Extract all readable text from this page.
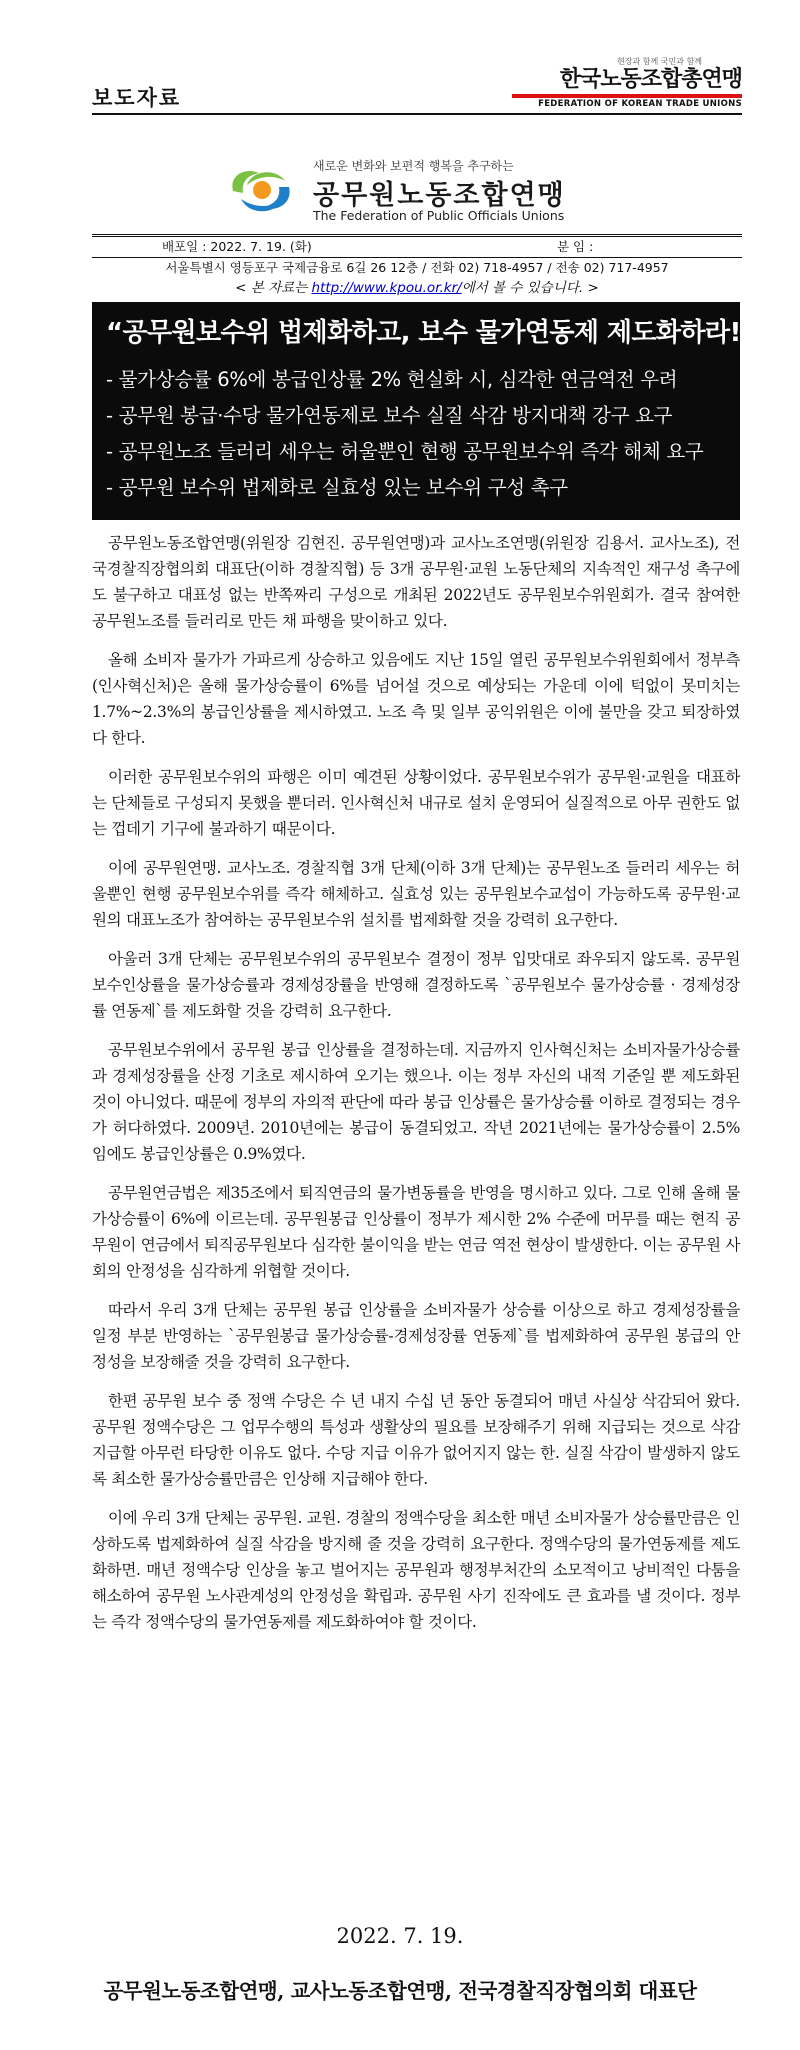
보도자료
현장과 함께 국민과 함께
한국노동조합총연맹
FEDERATION OF KOREAN TRADE UNIONS
새로운 변화와 보편적 행복을 추구하는
공무원노동조합연맹
The Federation of Public Officials Unions
배포일 : 2022. 7. 19. (화)	분 임 :
서울특별시 영등포구 국제금융로 6길 26 12층 / 전화 02) 718-4957 / 전송 02) 717-4957
< 본 자료는 http://www.kpou.or.kr/에서 볼 수 있습니다. >
“공무원보수위 법제화하고, 보수 물가연동제 제도화하라!”
- 물가상승률 6%에 봉급인상률 2% 현실화 시, 심각한 연금역전 우려
- 공무원 봉급·수당 물가연동제로 보수 실질 삭감 방지대책 강구 요구
- 공무원노조 들러리 세우는 허울뿐인 현행 공무원보수위 즉각 해체 요구
- 공무원 보수위 법제화로 실효성 있는 보수위 구성 촉구

공무원노동조합연맹(위원장 김현진. 공무원연맹)과 교사노조연맹(위원장 김용서. 교사노조), 전국경찰직장협의회 대표단(이하 경찰직협) 등 3개 공무원·교원 노동단체의 지속적인 재구성 촉구에도 불구하고 대표성 없는 반쪽짜리 구성으로 개최된 2022년도 공무원보수위원회가. 결국 참여한 공무원노조를 들러리로 만든 채 파행을 맞이하고 있다.

올해 소비자 물가가 가파르게 상승하고 있음에도 지난 15일 열린 공무원보수위원회에서 정부측(인사혁신처)은 올해 물가상승률이 6%를 넘어설 것으로 예상되는 가운데 이에 턱없이 못미치는 1.7%~2.3%의 봉급인상률을 제시하였고. 노조 측 및 일부 공익위원은 이에 불만을 갖고 퇴장하였다 한다.

이러한 공무원보수위의 파행은 이미 예견된 상황이었다. 공무원보수위가 공무원·교원을 대표하는 단체들로 구성되지 못했을 뿐더러. 인사혁신처 내규로 설치 운영되어 실질적으로 아무 권한도 없는 껍데기 기구에 불과하기 때문이다.

이에 공무원연맹. 교사노조. 경찰직협 3개 단체(이하 3개 단체)는 공무원노조 들러리 세우는 허울뿐인 현행 공무원보수위를 즉각 해체하고. 실효성 있는 공무원보수교섭이 가능하도록 공무원·교원의 대표노조가 참여하는 공무원보수위 설치를 법제화할 것을 강력히 요구한다.

아울러 3개 단체는 공무원보수위의 공무원보수 결정이 정부 입맛대로 좌우되지 않도록. 공무원 보수인상률을 물가상승률과 경제성장률을 반영해 결정하도록 `공무원보수 물가상승률 · 경제성장률 연동제`를 제도화할 것을 강력히 요구한다.

공무원보수위에서 공무원 봉급 인상률을 결정하는데. 지금까지 인사혁신처는 소비자물가상승률과 경제성장률을 산정 기초로 제시하여 오기는 했으나. 이는 정부 자신의 내적 기준일 뿐 제도화된 것이 아니었다. 때문에 정부의 자의적 판단에 따라 봉급 인상률은 물가상승률 이하로 결정되는 경우가 허다하였다. 2009년. 2010년에는 봉급이 동결되었고. 작년 2021년에는 물가상승률이 2.5%임에도 봉급인상률은 0.9%였다.

공무원연금법은 제35조에서 퇴직연금의 물가변동률을 반영을 명시하고 있다. 그로 인해 올해 물가상승률이 6%에 이르는데. 공무원봉급 인상률이 정부가 제시한 2% 수준에 머무를 때는 현직 공무원이 연금에서 퇴직공무원보다 심각한 불이익을 받는 연금 역전 현상이 발생한다. 이는 공무원 사회의 안정성을 심각하게 위협할 것이다.

따라서 우리 3개 단체는 공무원 봉급 인상률을 소비자물가 상승률 이상으로 하고 경제성장률을 일정 부분 반영하는 `공무원봉급 물가상승률-경제성장률 연동제`를 법제화하여 공무원 봉급의 안정성을 보장해줄 것을 강력히 요구한다.

한편 공무원 보수 중 정액 수당은 수 년 내지 수십 년 동안 동결되어 매년 사실상 삭감되어 왔다. 공무원 정액수당은 그 업무수행의 특성과 생활상의 필요를 보장해주기 위해 지급되는 것으로 삭감 지급할 아무런 타당한 이유도 없다. 수당 지급 이유가 없어지지 않는 한. 실질 삭감이 발생하지 않도록 최소한 물가상승률만큼은 인상해 지급해야 한다.

이에 우리 3개 단체는 공무원. 교원. 경찰의 정액수당을 최소한 매년 소비자물가 상승률만큼은 인상하도록 법제화하여 실질 삭감을 방지해 줄 것을 강력히 요구한다. 정액수당의 물가연동제를 제도화하면. 매년 정액수당 인상을 놓고 벌어지는 공무원과 행정부처간의 소모적이고 낭비적인 다툼을 해소하여 공무원 노사관계성의 안정성을 확립과. 공무원 사기 진작에도 큰 효과를 낼 것이다. 정부는 즉각 정액수당의 물가연동제를 제도화하여야 할 것이다.

2022. 7. 19.
공무원노동조합연맹, 교사노동조합연맹, 전국경찰직장협의회 대표단
